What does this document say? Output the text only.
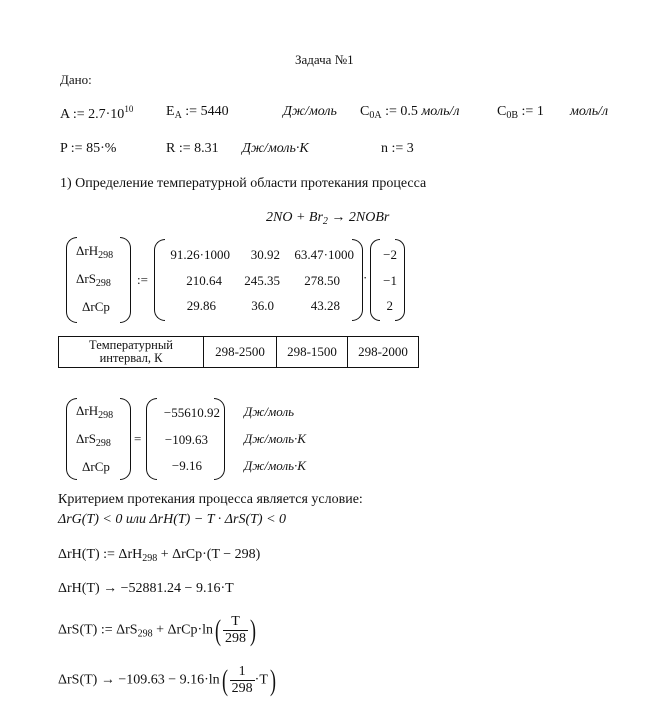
Задача №1
Дано:
A := $2.7\cdot 10^{10}$ $E_A$ := 5440	Дж/моль $C_{0A}$ := 0.5 моль/л	$C_{0B}$ := 1 моль/л
P := 85·%	R := 8.31 Дж/моль·K	n := 3
1) Определение температурной области протекания процесса
$2NO + Br_2$ → 2NOBr
ΔrH$_{298}$
ΔrS$_{298}$
ΔrCp
:=
91.26·1000	30.92	63.47·1000
210.64	245.35	278.50
29.86	36.0	43.28
·
−2
−1
2
Температурный интервал, К	298-2500	298-1500	298-2000
ΔrH$_{298}$
ΔrS$_{298}$
ΔrCp
=
−55610.92
−109.63
−9.16
Дж/моль
Дж/моль·K
Дж/моль·K
Критерием протекания процесса является условие:
ΔrG(T) < 0 или ΔrH(T) − T · ΔrS(T) < 0
ΔrH(T) := ΔrH$_{298}$ + ΔrCp·(T − 298)
ΔrH(T) → −52881.24 − 9.16·T
ΔrS(T) := $\Delta rS_{298} + \Delta rCp\cdot\ln( \frac{T}{298}$ )
$\Delta rS(T) \to -109.63 - 9.16\cdot\ln( \frac{1}{298} \cdot T)$
